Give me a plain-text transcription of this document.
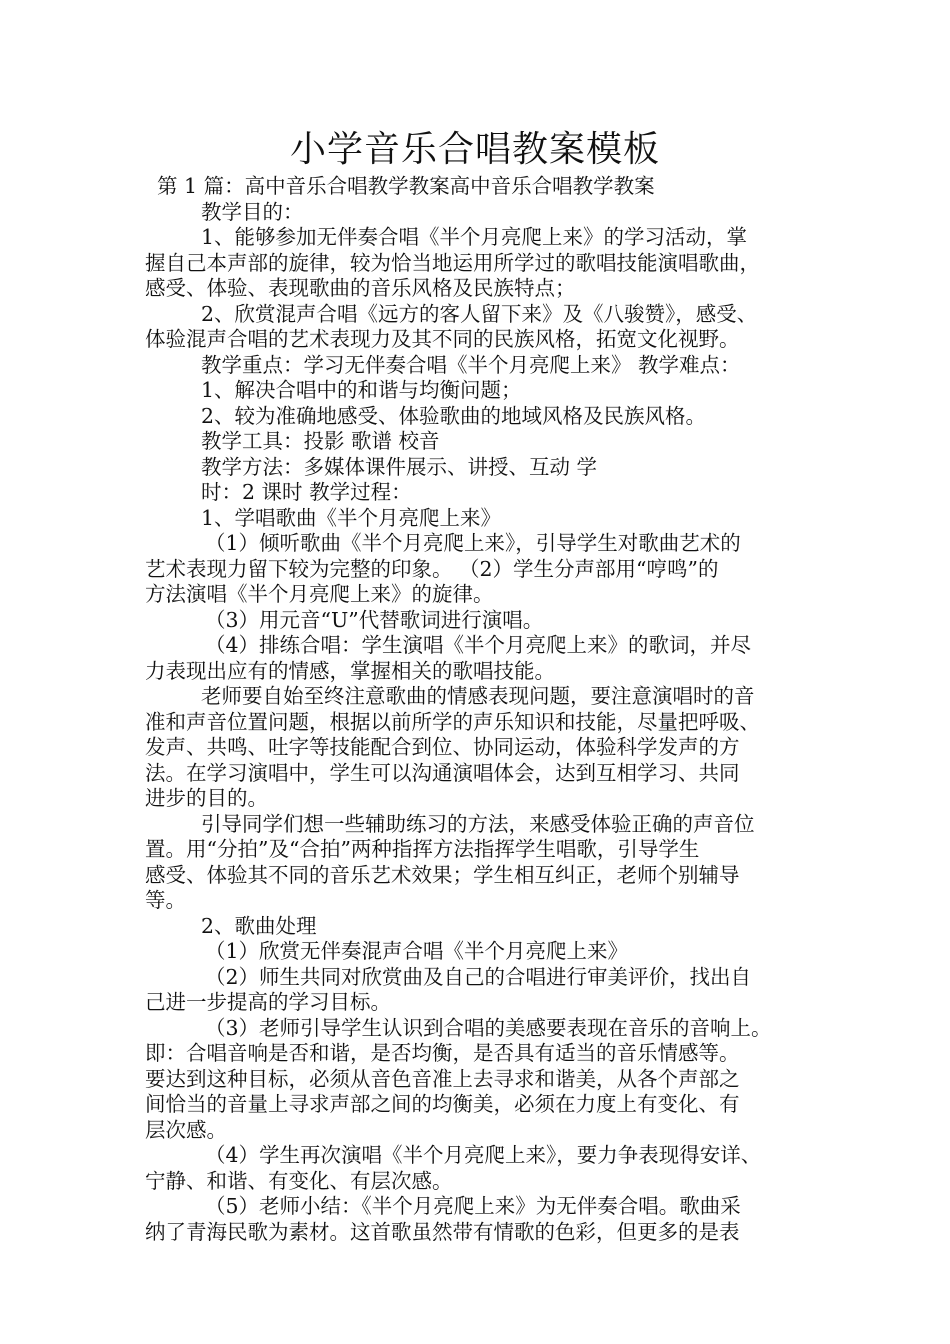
小学音乐合唱教案模板
第 1 篇：高中音乐合唱教学教案高中音乐合唱教学教案
教学目的：
1、能够参加无伴奏合唱《半个月亮爬上来》的学习活动，掌
握自己本声部的旋律，较为恰当地运用所学过的歌唱技能演唱歌曲，
感受、体验、表现歌曲的音乐风格及民族特点；
2、欣赏混声合唱《远方的客人留下来》及《八骏赞》，感受、
体验混声合唱的艺术表现力及其不同的民族风格，拓宽文化视野。
教学重点：学习无伴奏合唱《半个月亮爬上来》 教学难点：
1、解决合唱中的和谐与均衡问题；
2、较为准确地感受、体验歌曲的地域风格及民族风格。
教学工具：投影 歌谱 校音
教学方法：多媒体课件展示、讲授、互动 学
时：2 课时 教学过程：
1、学唱歌曲《半个月亮爬上来》
（1）倾听歌曲《半个月亮爬上来》，引导学生对歌曲艺术的
艺术表现力留下较为完整的印象。 （2）学生分声部用“哼鸣”的
方法演唱《半个月亮爬上来》的旋律。
（3）用元音“U”代替歌词进行演唱。
（4）排练合唱：学生演唱《半个月亮爬上来》的歌词，并尽
力表现出应有的情感，掌握相关的歌唱技能。
老师要自始至终注意歌曲的情感表现问题，要注意演唱时的音
准和声音位置问题，根据以前所学的声乐知识和技能，尽量把呼吸、
发声、共鸣、吐字等技能配合到位、协同运动，体验科学发声的方
法。在学习演唱中，学生可以沟通演唱体会，达到互相学习、共同
进步的目的。
引导同学们想一些辅助练习的方法，来感受体验正确的声音位
置。用“分拍”及“合拍”两种指挥方法指挥学生唱歌，引导学生
感受、体验其不同的音乐艺术效果；学生相互纠正，老师个别辅导
等。
2、歌曲处理
（1）欣赏无伴奏混声合唱《半个月亮爬上来》
（2）师生共同对欣赏曲及自己的合唱进行审美评价，找出自
己进一步提高的学习目标。
（3）老师引导学生认识到合唱的美感要表现在音乐的音响上。
即：合唱音响是否和谐，是否均衡，是否具有适当的音乐情感等。
要达到这种目标，必须从音色音准上去寻求和谐美，从各个声部之
间恰当的音量上寻求声部之间的均衡美，必须在力度上有变化、有
层次感。
（4）学生再次演唱《半个月亮爬上来》，要力争表现得安详、
宁静、和谐、有变化、有层次感。
（5）老师小结：《半个月亮爬上来》为无伴奏合唱。歌曲采
纳了青海民歌为素材。这首歌虽然带有情歌的色彩，但更多的是表
